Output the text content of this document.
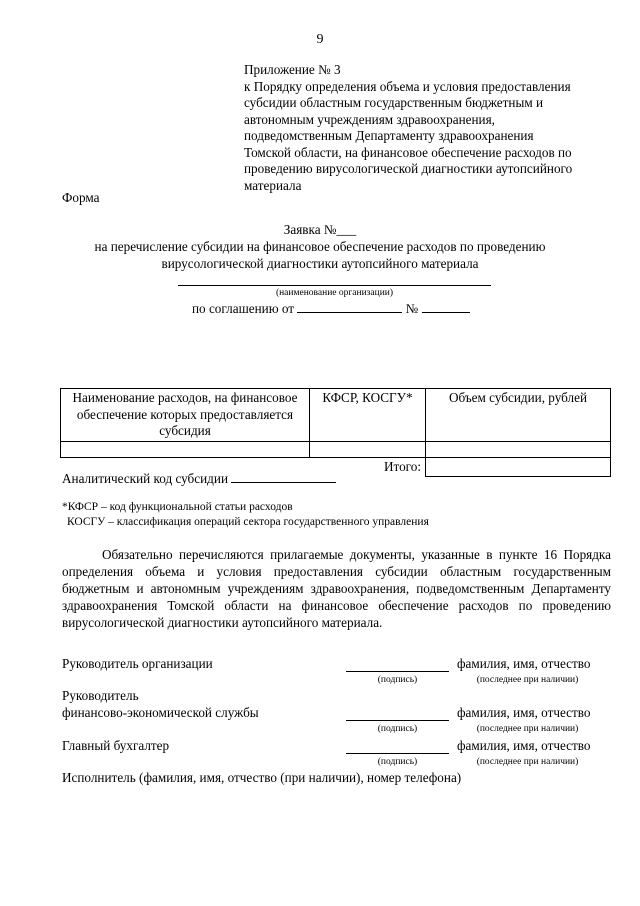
9
Приложение № 3
к Порядку определения объема и условия предоставления
субсидии областным государственным бюджетным и
автономным учреждениям здравоохранения,
подведомственным Департаменту здравоохранения
Томской области, на финансовое обеспечение расходов по
проведению вирусологической диагностики аутопсийного
материала
Форма
Заявка №___
на перечисление субсидии на финансовое обеспечение расходов по проведению
вирусологической диагностики аутопсийного материала
(наименование организации)
по соглашению от	№
Наименование расходов, на финансовое обеспечение которых предоставляется субсидия	КФСР, КОСГУ*	Объем субсидии, рублей

Итого:		
Аналитический код субсидии
*КФСР – код функциональной статьи расходов
КОСГУ – классификация операций сектора государственного управления
Обязательно перечисляются прилагаемые документы, указанные в пункте 16 Порядка определения объема и условия предоставления субсидии областным государственным бюджетным и автономным учреждениям здравоохранения, подведомственным Департаменту здравоохранения Томской области на финансовое обеспечение расходов по проведению вирусологической диагностики аутопсийного материала.
Руководитель организации
(подпись)
фамилия, имя, отчество
(последнее при наличии)
Руководитель
финансово-экономической службы
(подпись)
фамилия, имя, отчество
(последнее при наличии)
Главный бухгалтер
(подпись)
фамилия, имя, отчество
(последнее при наличии)
Исполнитель (фамилия, имя, отчество (при наличии), номер телефона)
